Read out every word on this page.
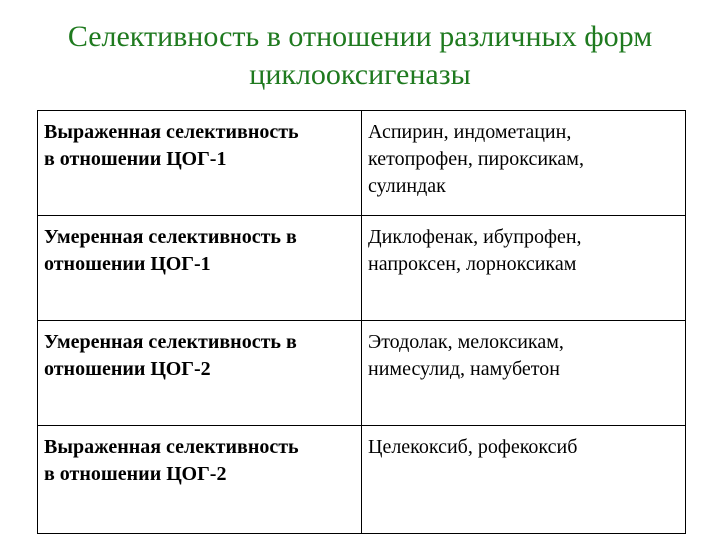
Селективность в отношении различных форм
циклооксигеназы
Выраженная селективность
в отношении ЦОГ-1	Аспирин, индометацин,
кетопрофен, пироксикам,
сулиндак

Умеренная селективность в
отношении ЦОГ-1	Диклофенак, ибупрофен,
напроксен, лорноксикам

Умеренная селективность в
отношении ЦОГ-2	Этодолак, мелоксикам,
нимесулид, намубетон

Выраженная селективность
в отношении ЦОГ-2	Целекоксиб, рофекоксиб
